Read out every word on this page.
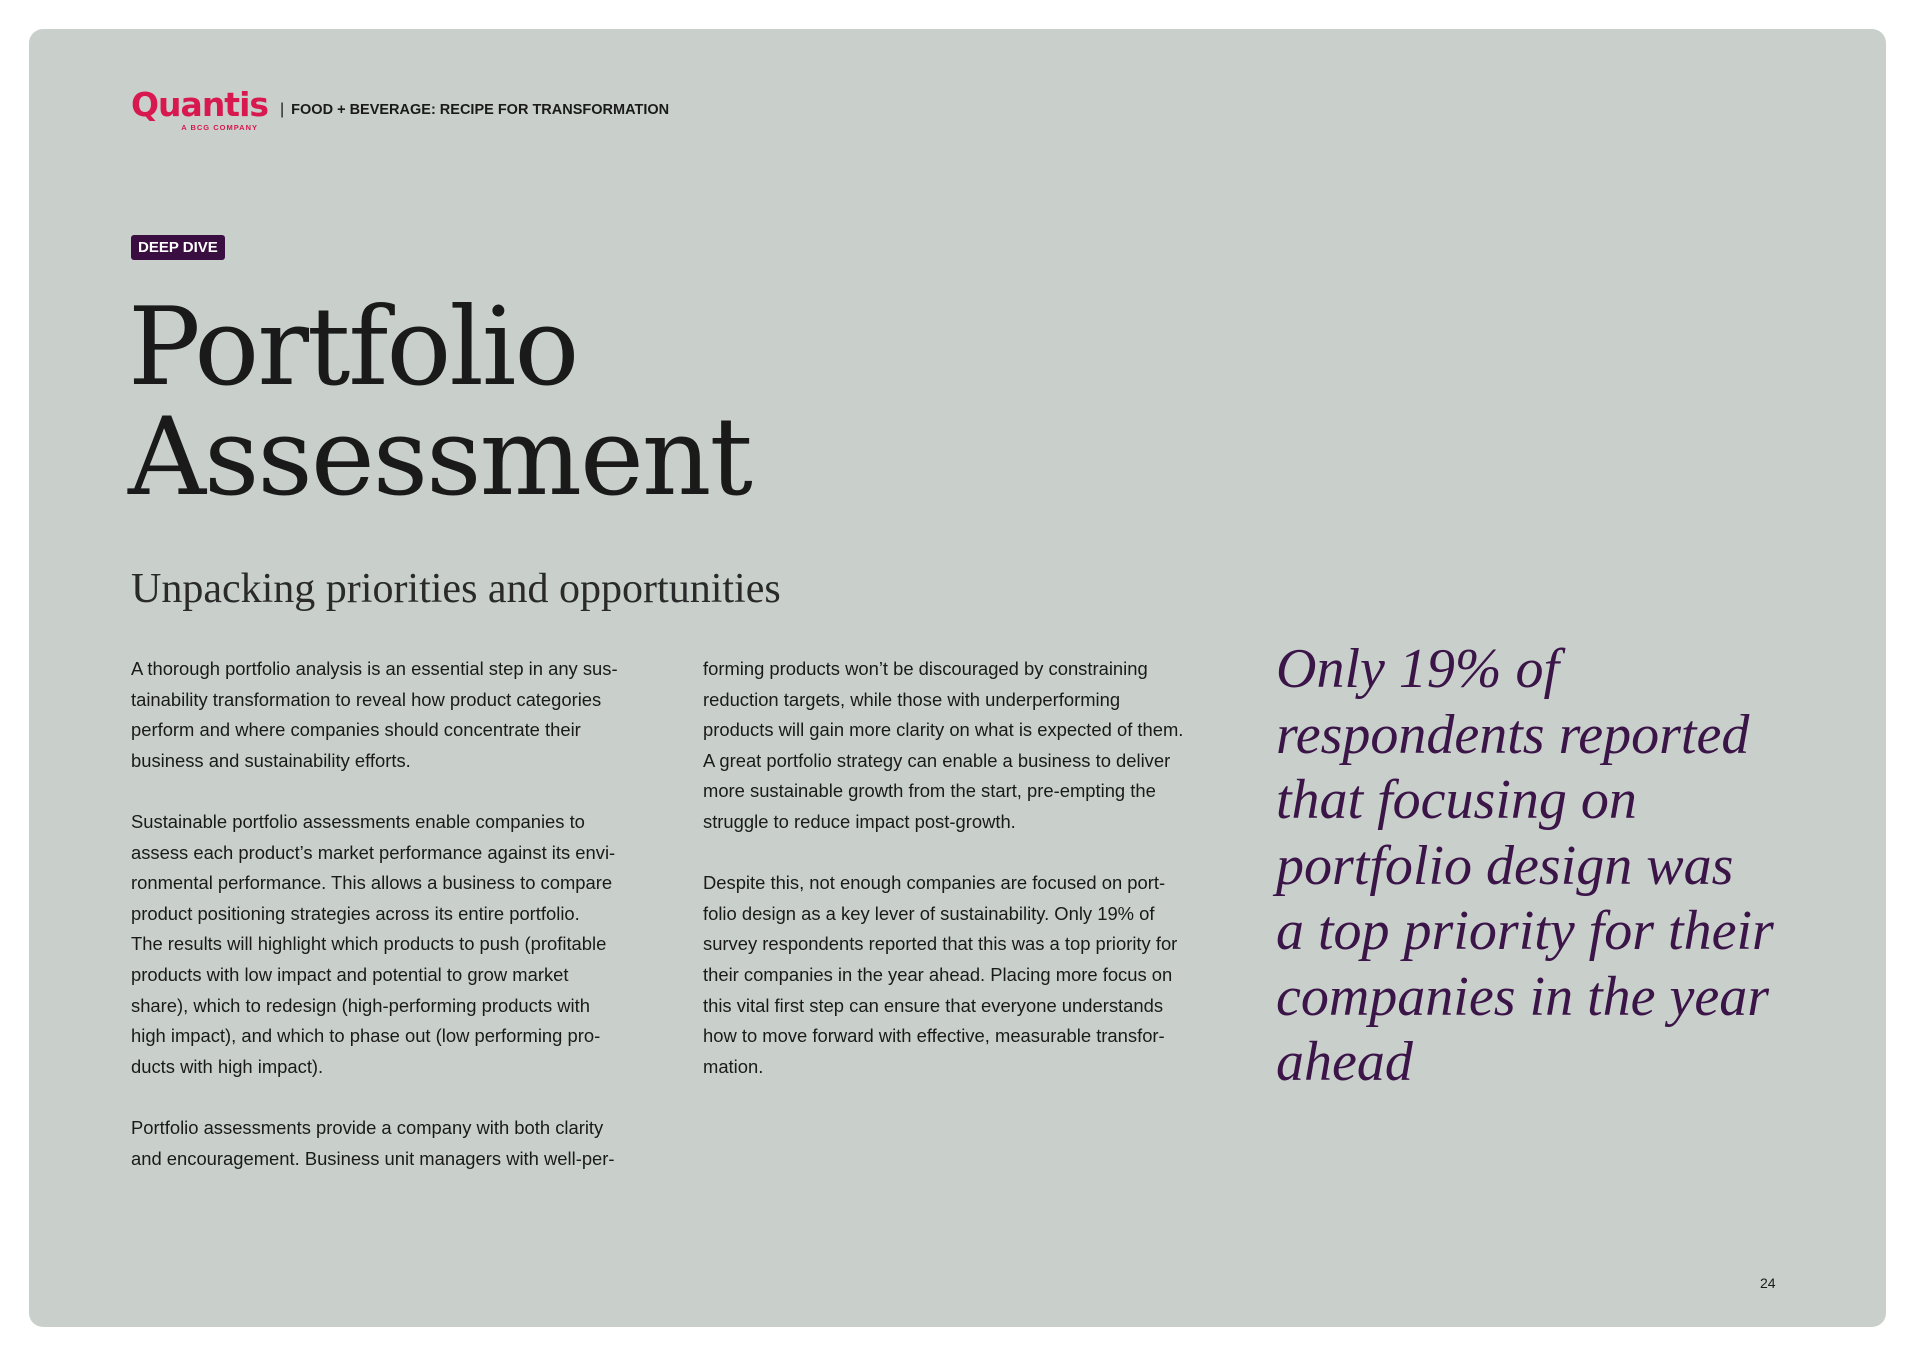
Quantis
A BCG COMPANY
| FOOD + BEVERAGE: RECIPE FOR TRANSFORMATION
DEEP DIVE
Portfolio
Assessment
Unpacking priorities and opportunities

A thorough portfolio analysis is an essential step in any sus-
tainability transformation to reveal how product categories
perform and where companies should concentrate their
business and sustainability efforts.

Sustainable portfolio assessments enable companies to
assess each product’s market performance against its envi-
ronmental performance. This allows a business to compare
product positioning strategies across its entire portfolio.
The results will highlight which products to push (profitable
products with low impact and potential to grow market
share), which to redesign (high-performing products with
high impact), and which to phase out (low performing pro-
ducts with high impact).

Portfolio assessments provide a company with both clarity
and encouragement. Business unit managers with well-per-

forming products won’t be discouraged by constraining
reduction targets, while those with underperforming
products will gain more clarity on what is expected of them.
A great portfolio strategy can enable a business to deliver
more sustainable growth from the start, pre-empting the
struggle to reduce impact post-growth.

Despite this, not enough companies are focused on port-
folio design as a key lever of sustainability. Only 19% of
survey respondents reported that this was a top priority for
their companies in the year ahead. Placing more focus on
this vital first step can ensure that everyone understands
how to move forward with effective, measurable transfor-
mation.

Only 19% of
respondents reported
that focusing on
portfolio design was
a top priority for their
companies in the year
ahead
24
